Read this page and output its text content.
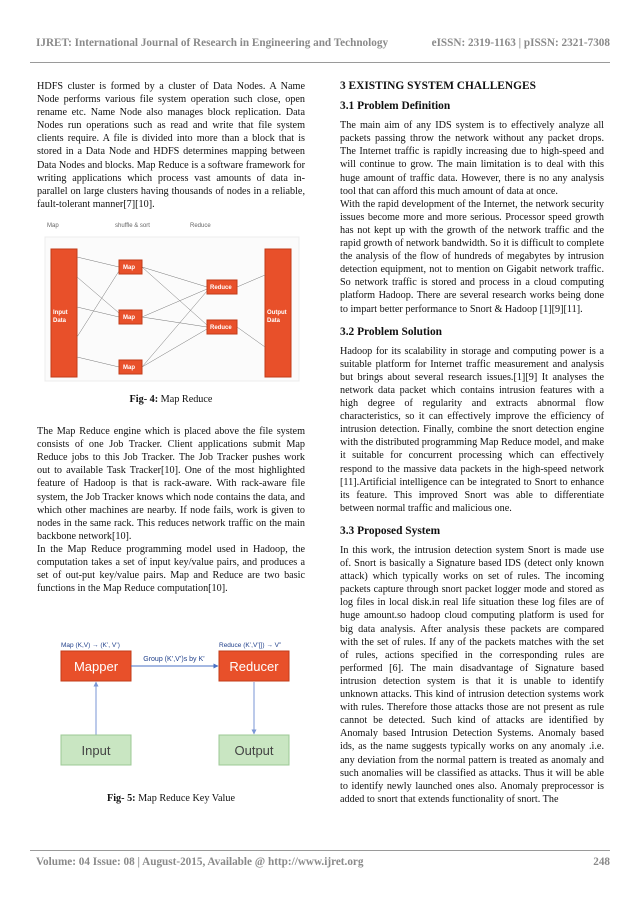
IJRET: International Journal of Research in Engineering and Technology	eISSN: 2319-1163 | pISSN: 2321-7308

HDFS cluster is formed by a cluster of Data Nodes. A Name Node performs various file system operation such close, open rename etc. Name Node also manages block replication. Data Nodes run operations such as read and write that file system clients require. A file is divided into more than a block that is stored in a Data Node and HDFS determines mapping between Data Nodes and blocks. Map Reduce is a software framework for writing applications which process vast amounts of data in-parallel on large clusters having thousands of nodes in a reliable, fault-tolerant manner[7][10].

Map	shuffle & sort	Reduce
Input
Data
Output
Data
Map
Map
Map
Reduce
Reduce

Fig- 4: Map Reduce

The Map Reduce engine which is placed above the file system consists of one Job Tracker. Client applications submit Map Reduce jobs to this Job Tracker. The Job Tracker pushes work out to available Task Tracker[10]. One of the most highlighted feature of Hadoop is that is rack-aware. With rack-aware file system, the Job Tracker knows which node contains the data, and which other machines are nearby. If node fails, work is given to nodes in the same rack. This reduces network traffic on the main backbone network[10].

In the Map Reduce programming model used in Hadoop, the computation takes a set of input key/value pairs, and produces a set of out-put key/value pairs. Map and Reduce are two basic functions in the Map Reduce computation[10].

Map (K,V) → (K’, V’)	Reduce (K’,V’[]) → V”
Mapper	Reducer
Group (K’,V’)s by K’
Input	Output

Fig- 5: Map Reduce Key Value

3 EXISTING SYSTEM CHALLENGES
3.1 Problem Definition

The main aim of any IDS system is to effectively analyze all packets passing throw the network without any packet drops. The Internet traffic is rapidly increasing due to high-speed and will continue to grow. The main limitation is to deal with this huge amount of traffic data. However, there is no any analysis tool that can afford this much amount of data at once.

With the rapid development of the Internet, the network security issues become more and more serious. Processor speed growth has not kept up with the growth of the network traffic and the rapid growth of network bandwidth. So it is difficult to complete the analysis of the flow of hundreds of megabytes by intrusion detection equipment, not to mention on Gigabit network traffic. So network traffic is stored and process in a cloud computing platform Hadoop. There are several research works being done to impart better performance to Snort & Hadoop [1][9][11].

3.2 Problem Solution

Hadoop for its scalability in storage and computing power is a suitable platform for Internet traffic measurement and analysis but brings about several research issues.[1][9] It analyses the network data packet which contains intrusion features with a high degree of regularity and extracts abnormal flow characteristics, so it can effectively improve the efficiency of intrusion detection. Finally, combine the snort detection engine with the distributed programming Map Reduce model, and make it suitable for concurrent processing which can effectively respond to the massive data packets in the high-speed network [11].Artificial intelligence can be integrated to Snort to enhance its feature. This improved Snort was able to differentiate between normal traffic and malicious one.

3.3 Proposed System

In this work, the intrusion detection system Snort is made use of. Snort is basically a Signature based IDS (detect only known attack) which typically works on set of rules. The incoming packets capture through snort packet logger mode and stored as log files in local disk.in real life situation these log files are of huge amount.so hadoop cloud computing platform is used for big data analysis. After analysis these packets are compared with the set of rules. If any of the packets matches with the set of rules, actions specified in the corresponding rules are performed [6]. The main disadvantage of Signature based intrusion detection system is that it is unable to identify unknown attacks. This kind of intrusion detection systems work with rules. Therefore those attacks those are not present as rule cannot be detected. Such kind of attacks are identified by Anomaly based Intrusion Detection Systems. Anomaly based ids, as the name suggests typically works on any anomaly .i.e. any deviation from the normal pattern is treated as anomaly and such anomalies will be classified as attacks. Thus it will be able to identify newly launched ones also. Anomaly preprocessor is added to snort that extends functionality of snort. The

Volume: 04 Issue: 08 | August-2015, Available @ http://www.ijret.org	248
